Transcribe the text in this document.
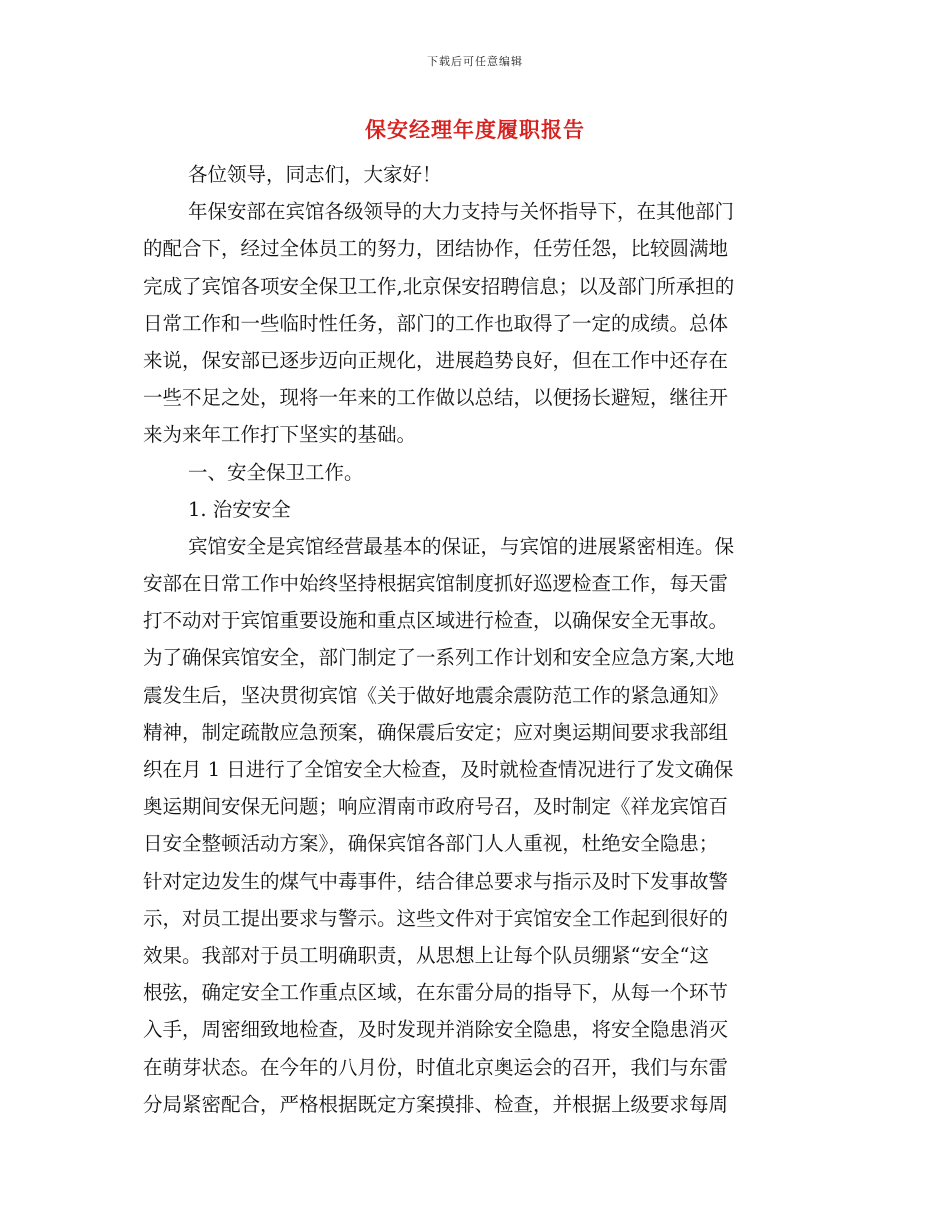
下载后可任意编辑
保安经理年度履职报告
各位领导，同志们，大家好！
年保安部在宾馆各级领导的大力支持与关怀指导下，在其他部门
的配合下，经过全体员工的努力，团结协作，任劳任怨，比较圆满地
完成了宾馆各项安全保卫工作,北京保安招聘信息；以及部门所承担的
日常工作和一些临时性任务，部门的工作也取得了一定的成绩。总体
来说，保安部已逐步迈向正规化，进展趋势良好，但在工作中还存在
一些不足之处，现将一年来的工作做以总结，以便扬长避短，继往开
来为来年工作打下坚实的基础。
一、安全保卫工作。
1. 治安安全
宾馆安全是宾馆经营最基本的保证，与宾馆的进展紧密相连。保
安部在日常工作中始终坚持根据宾馆制度抓好巡逻检查工作，每天雷
打不动对于宾馆重要设施和重点区域进行检查，以确保安全无事故。
为了确保宾馆安全，部门制定了一系列工作计划和安全应急方案,大地
震发生后，坚决贯彻宾馆《关于做好地震余震防范工作的紧急通知》
精神，制定疏散应急预案，确保震后安定；应对奥运期间要求我部组
织在月 1 日进行了全馆安全大检查，及时就检查情况进行了发文确保
奥运期间安保无问题；响应渭南市政府号召，及时制定《祥龙宾馆百
日安全整顿活动方案》，确保宾馆各部门人人重视，杜绝安全隐患；
针对定边发生的煤气中毒事件，结合律总要求与指示及时下发事故警
示，对员工提出要求与警示。这些文件对于宾馆安全工作起到很好的
效果。我部对于员工明确职责，从思想上让每个队员绷紧“安全“这
根弦，确定安全工作重点区域，在东雷分局的指导下，从每一个环节
入手，周密细致地检查，及时发现并消除安全隐患，将安全隐患消灭
在萌芽状态。在今年的八月份，时值北京奥运会的召开，我们与东雷
分局紧密配合，严格根据既定方案摸排、检查，并根据上级要求每周
